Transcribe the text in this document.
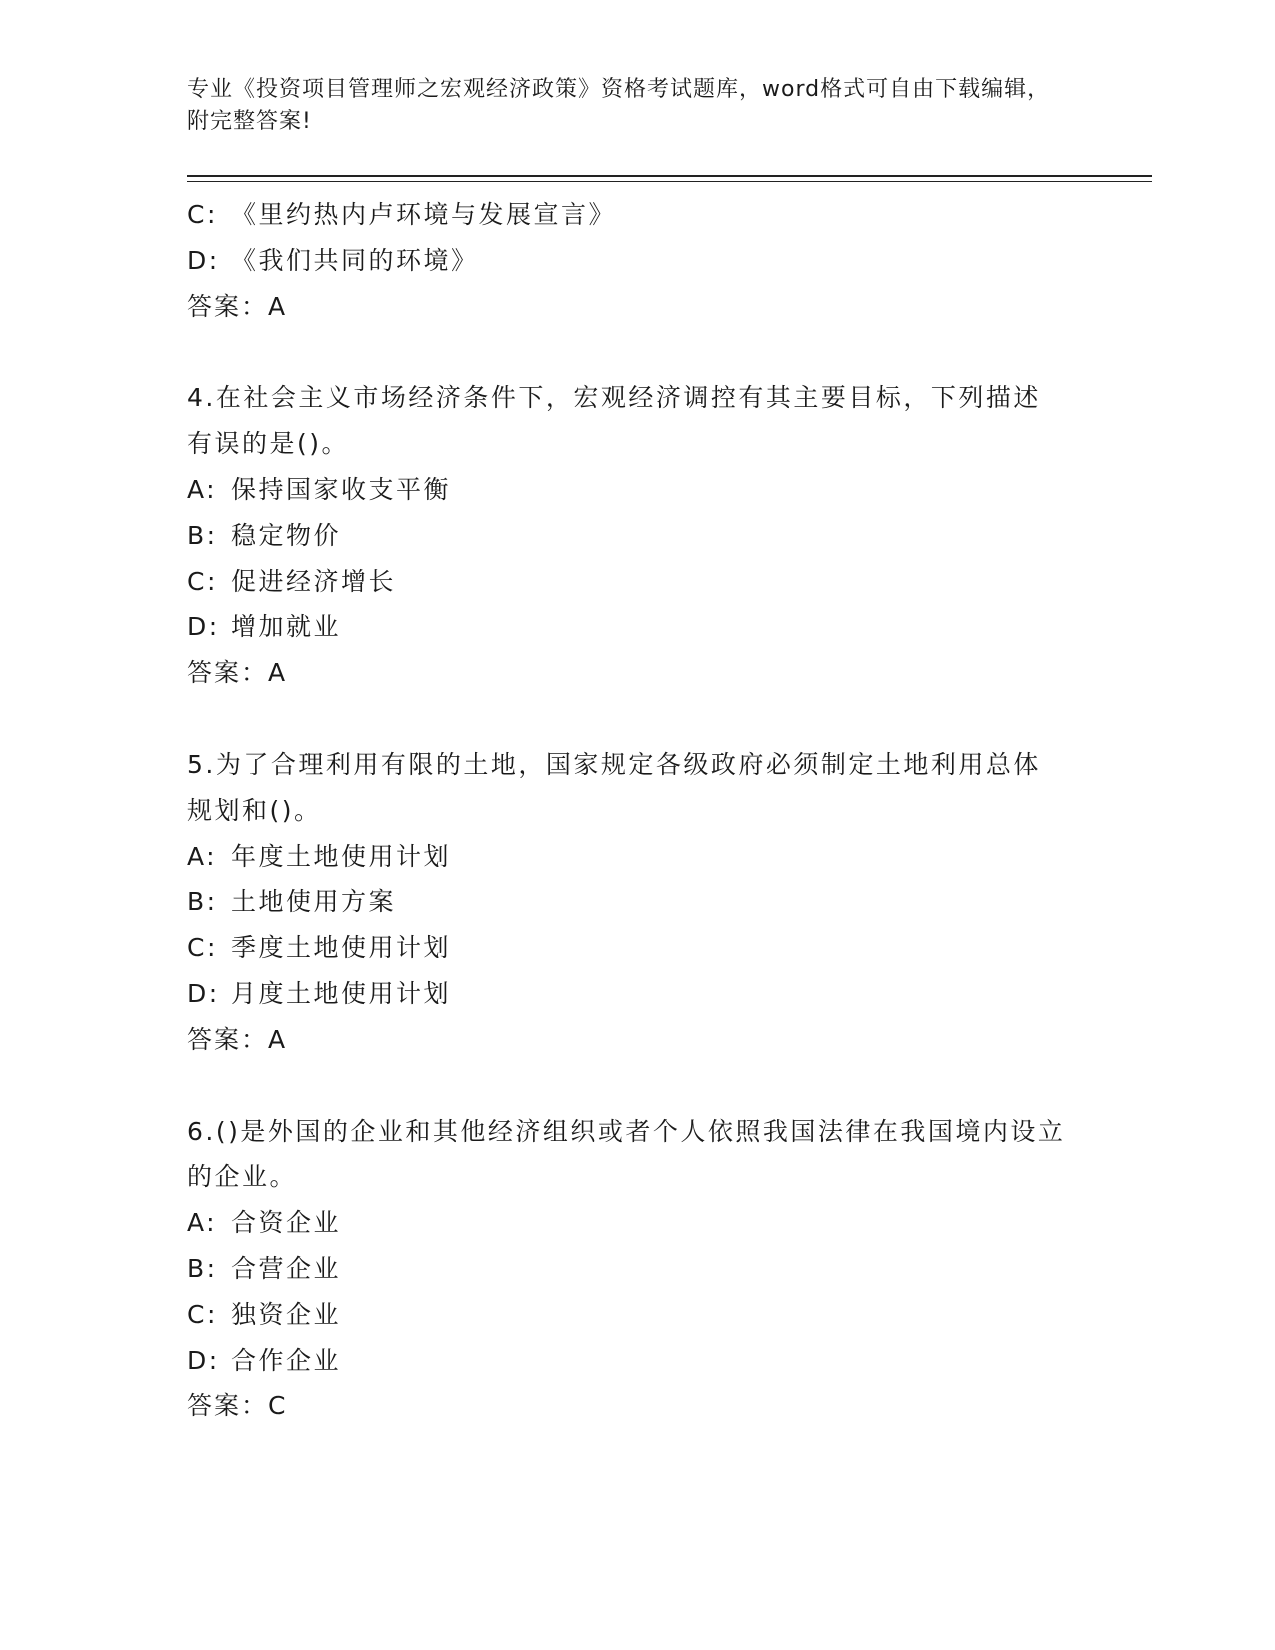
专业《投资项目管理师之宏观经济政策》资格考试题库，word格式可自由下载编辑，附完整答案!
C: 《里约热内卢环境与发展宣言》
D: 《我们共同的环境》
答案：A
4.在社会主义市场经济条件下，宏观经济调控有其主要目标，下列描述有误的是()。
A: 保持国家收支平衡
B: 稳定物价
C: 促进经济增长
D: 增加就业
答案：A
5.为了合理利用有限的土地，国家规定各级政府必须制定土地利用总体规划和()。
A: 年度土地使用计划
B: 土地使用方案
C: 季度土地使用计划
D: 月度土地使用计划
答案：A
6.()是外国的企业和其他经济组织或者个人依照我国法律在我国境内设立的企业。
A: 合资企业
B: 合营企业
C: 独资企业
D: 合作企业
答案：C
